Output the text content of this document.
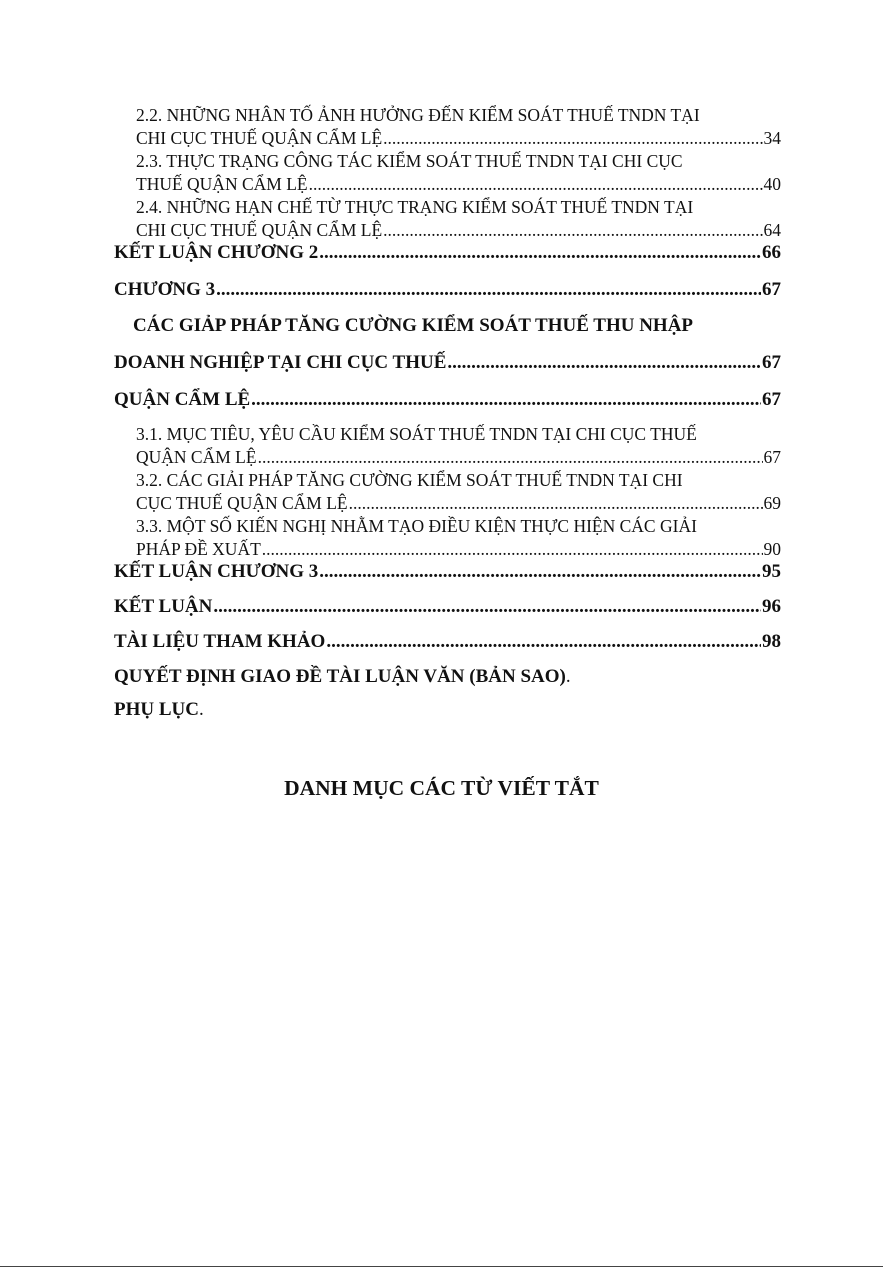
2.2. NHỮNG NHÂN TỐ ẢNH HƯỞNG ĐẾN KIỂM SOÁT THUẾ TNDN TẠI
CHI CỤC THUẾ QUẬN CẨM LỆ .....	34
2.3. THỰC TRẠNG CÔNG TÁC KIỂM SOÁT THUẾ TNDN TẠI CHI CỤC
THUẾ QUẬN CẨM LỆ .....	40
2.4. NHỮNG HẠN CHẾ TỪ THỰC TRẠNG KIỂM SOÁT THUẾ TNDN TẠI
CHI CỤC THUẾ QUẬN CẨM LỆ .....	64
KẾT LUẬN CHƯƠNG 2 .....	66
CHƯƠNG 3 .....	67
CÁC GIẢP PHÁP TĂNG CƯỜNG KIỂM SOÁT THUẾ THU NHẬP
DOANH NGHIỆP TẠI CHI CỤC THUẾ .....	67
QUẬN CẨM LỆ .....	67
3.1. MỤC TIÊU, YÊU CẦU KIỂM SOÁT THUẾ TNDN TẠI CHI CỤC THUẾ
QUẬN CẨM LỆ .....	67
3.2. CÁC GIẢI PHÁP TĂNG CƯỜNG KIỂM SOÁT THUẾ TNDN TẠI CHI
CỤC THUẾ QUẬN CẨM LỆ .....	69
3.3. MỘT SỐ KIẾN NGHỊ NHẰM TẠO ĐIỀU KIỆN THỰC HIỆN CÁC GIẢI
PHÁP ĐỀ XUẤT .....	90
KẾT LUẬN CHƯƠNG 3 .....	95
KẾT LUẬN .....	96
TÀI LIỆU THAM KHẢO .....	98
QUYẾT ĐỊNH GIAO ĐỀ TÀI LUẬN VĂN (BẢN SAO).
PHỤ LỤC.
DANH MỤC CÁC TỪ VIẾT TẮT
